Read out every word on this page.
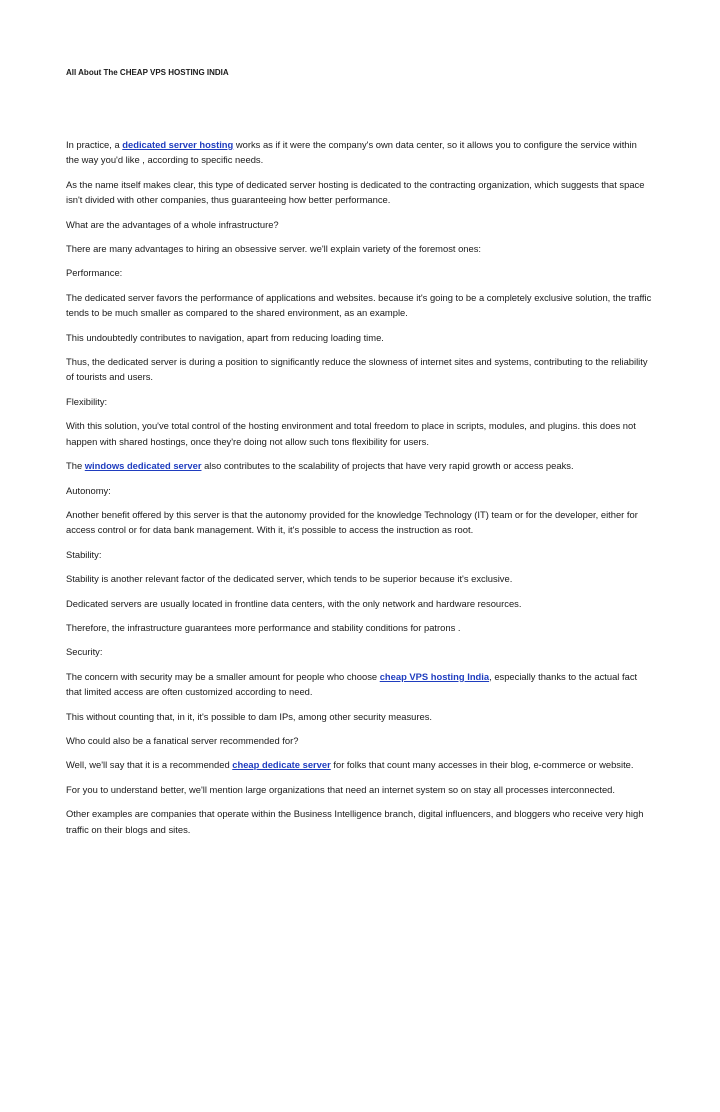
All About The CHEAP VPS HOSTING INDIA

In practice, a dedicated server hosting works as if it were the company's own data center, so it allows you to configure the service within the way you'd like , according to specific needs.

As the name itself makes clear, this type of dedicated server hosting is dedicated to the contracting organization, which suggests that space isn't divided with other companies, thus guaranteeing how better performance.

What are the advantages of a whole infrastructure?

There are many advantages to hiring an obsessive server. we'll explain variety of the foremost ones:

Performance:

The dedicated server favors the performance of applications and websites. because it's going to be a completely exclusive solution, the traffic tends to be much smaller as compared to the shared environment, as an example.

This undoubtedly contributes to navigation, apart from reducing loading time.

Thus, the dedicated server is during a position to significantly reduce the slowness of internet sites and systems, contributing to the reliability of tourists and users.

Flexibility:

With this solution, you've total control of the hosting environment and total freedom to place in scripts, modules, and plugins. this does not happen with shared hostings, once they're doing not allow such tons flexibility for users.

The windows dedicated server also contributes to the scalability of projects that have very rapid growth or access peaks.

Autonomy:

Another benefit offered by this server is that the autonomy provided for the knowledge Technology (IT) team or for the developer, either for access control or for data bank management. With it, it's possible to access the instruction as root.

Stability:

Stability is another relevant factor of the dedicated server, which tends to be superior because it's exclusive.

Dedicated servers are usually located in frontline data centers, with the only network and hardware resources.

Therefore, the infrastructure guarantees more performance and stability conditions for patrons .

Security:

The concern with security may be a smaller amount for people who choose cheap VPS hosting India, especially thanks to the actual fact that limited access are often customized according to need.

This without counting that, in it, it's possible to dam IPs, among other security measures.

Who could also be a fanatical server recommended for?

Well, we'll say that it is a recommended cheap dedicate server for folks that count many accesses in their blog, e-commerce or website.

For you to understand better, we'll mention large organizations that need an internet system so on stay all processes interconnected.

Other examples are companies that operate within the Business Intelligence branch, digital influencers, and bloggers who receive very high traffic on their blogs and sites.
